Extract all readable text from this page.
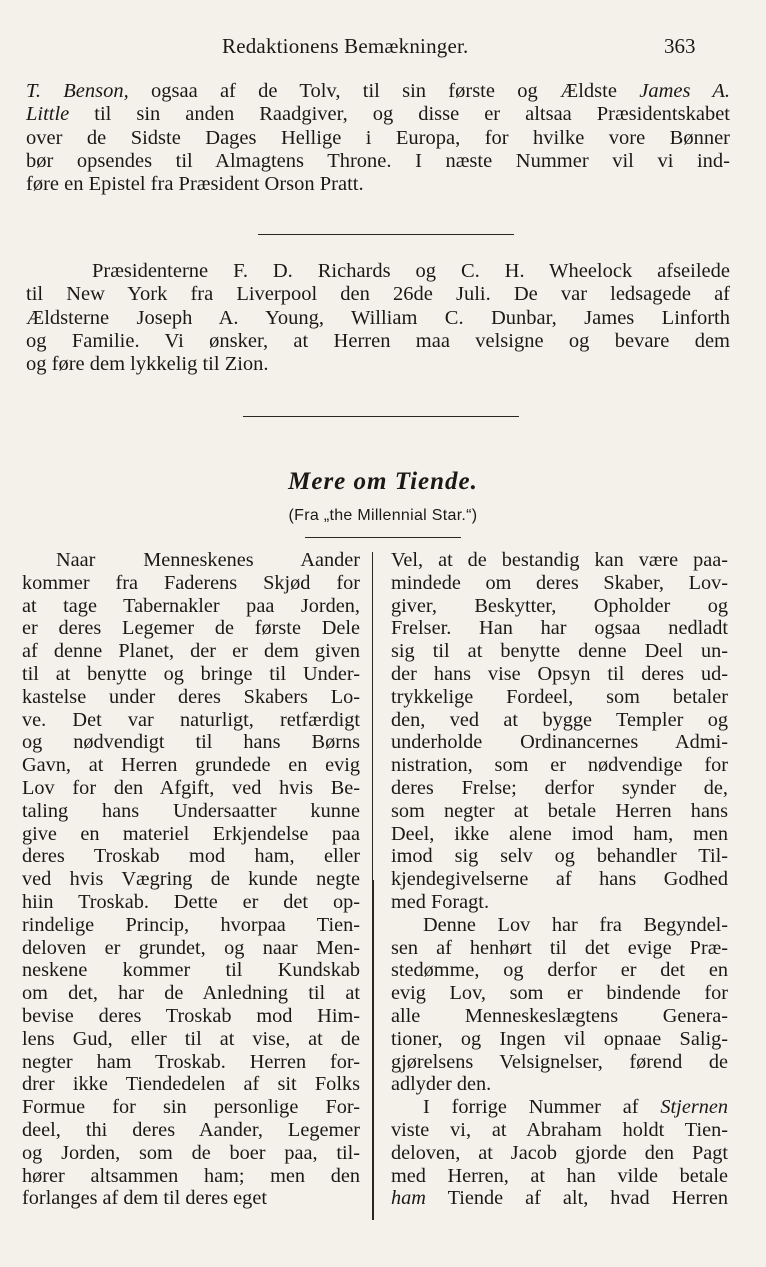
Redaktionens Bemækninger.	363
T. Benson, ogsaa af de Tolv, til sin første og Ældste James A.
Little til sin anden Raadgiver, og disse er altsaa Præsidentskabet
over de Sidste Dages Hellige i Europa, for hvilke vore Bønner
bør opsendes til Almagtens Throne. I næste Nummer vil vi ind-
føre en Epistel fra Præsident Orson Pratt.
Præsidenterne F. D. Richards og C. H. Wheelock afseilede
til New York fra Liverpool den 26de Juli. De var ledsagede af
Ældsterne Joseph A. Young, William C. Dunbar, James Linforth
og Familie. Vi ønsker, at Herren maa velsigne og bevare dem
og føre dem lykkelig til Zion.
Mere om Tiende.
(Fra „the Millennial Star.“)
Naar Menneskenes Aander
kommer fra Faderens Skjød for
at tage Tabernakler paa Jorden,
er deres Legemer de første Dele
af denne Planet, der er dem given
til at benytte og bringe til Under-
kastelse under deres Skabers Lo-
ve. Det var naturligt, retfærdigt
og nødvendigt til hans Børns
Gavn, at Herren grundede en evig
Lov for den Afgift, ved hvis Be-
taling hans Undersaatter kunne
give en materiel Erkjendelse paa
deres Troskab mod ham, eller
ved hvis Vægring de kunde negte
hiin Troskab. Dette er det op-
rindelige Princip, hvorpaa Tien-
deloven er grundet, og naar Men-
neskene kommer til Kundskab
om det, har de Anledning til at
bevise deres Troskab mod Him-
lens Gud, eller til at vise, at de
negter ham Troskab. Herren for-
drer ikke Tiendedelen af sit Folks
Formue for sin personlige For-
deel, thi deres Aander, Legemer
og Jorden, som de boer paa, til-
hører altsammen ham; men den
forlanges af dem til deres eget
Vel, at de bestandig kan være paa-
mindede om deres Skaber, Lov-
giver, Beskytter, Opholder og
Frelser. Han har ogsaa nedladt
sig til at benytte denne Deel un-
der hans vise Opsyn til deres ud-
trykkelige Fordeel, som betaler
den, ved at bygge Templer og
underholde Ordinancernes Admi-
nistration, som er nødvendige for
deres Frelse; derfor synder de,
som negter at betale Herren hans
Deel, ikke alene imod ham, men
imod sig selv og behandler Til-
kjendegivelserne af hans Godhed
med Foragt.
Denne Lov har fra Begyndel-
sen af henhørt til det evige Præ-
stedømme, og derfor er det en
evig Lov, som er bindende for
alle Menneskeslægtens Genera-
tioner, og Ingen vil opnaae Salig-
gjørelsens Velsignelser, førend de
adlyder den.
I forrige Nummer af Stjernen
viste vi, at Abraham holdt Tien-
deloven, at Jacob gjorde den Pagt
med Herren, at han vilde betale
ham Tiende af alt, hvad Herren
